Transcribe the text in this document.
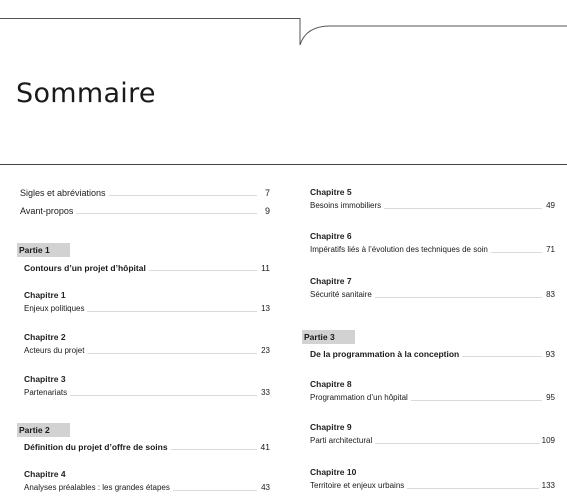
Sommaire
Sigles et abréviations	7
Avant-propos	9
Partie 1
Contours d’un projet d’hôpital	11
Chapitre 1
Enjeux politiques	13
Chapitre 2
Acteurs du projet	23
Chapitre 3
Partenariats	33
Partie 2
Définition du projet d’offre de soins	41
Chapitre 4
Analyses préalables : les grandes étapes	43
Chapitre 5
Besoins immobiliers	49
Chapitre 6
Impératifs liés à l’évolution des techniques de soin	71
Chapitre 7
Sécurité sanitaire	83
Partie 3
De la programmation à la conception	93
Chapitre 8
Programmation d’un hôpital	95
Chapitre 9
Parti architectural	109
Chapitre 10
Territoire et enjeux urbains	133
